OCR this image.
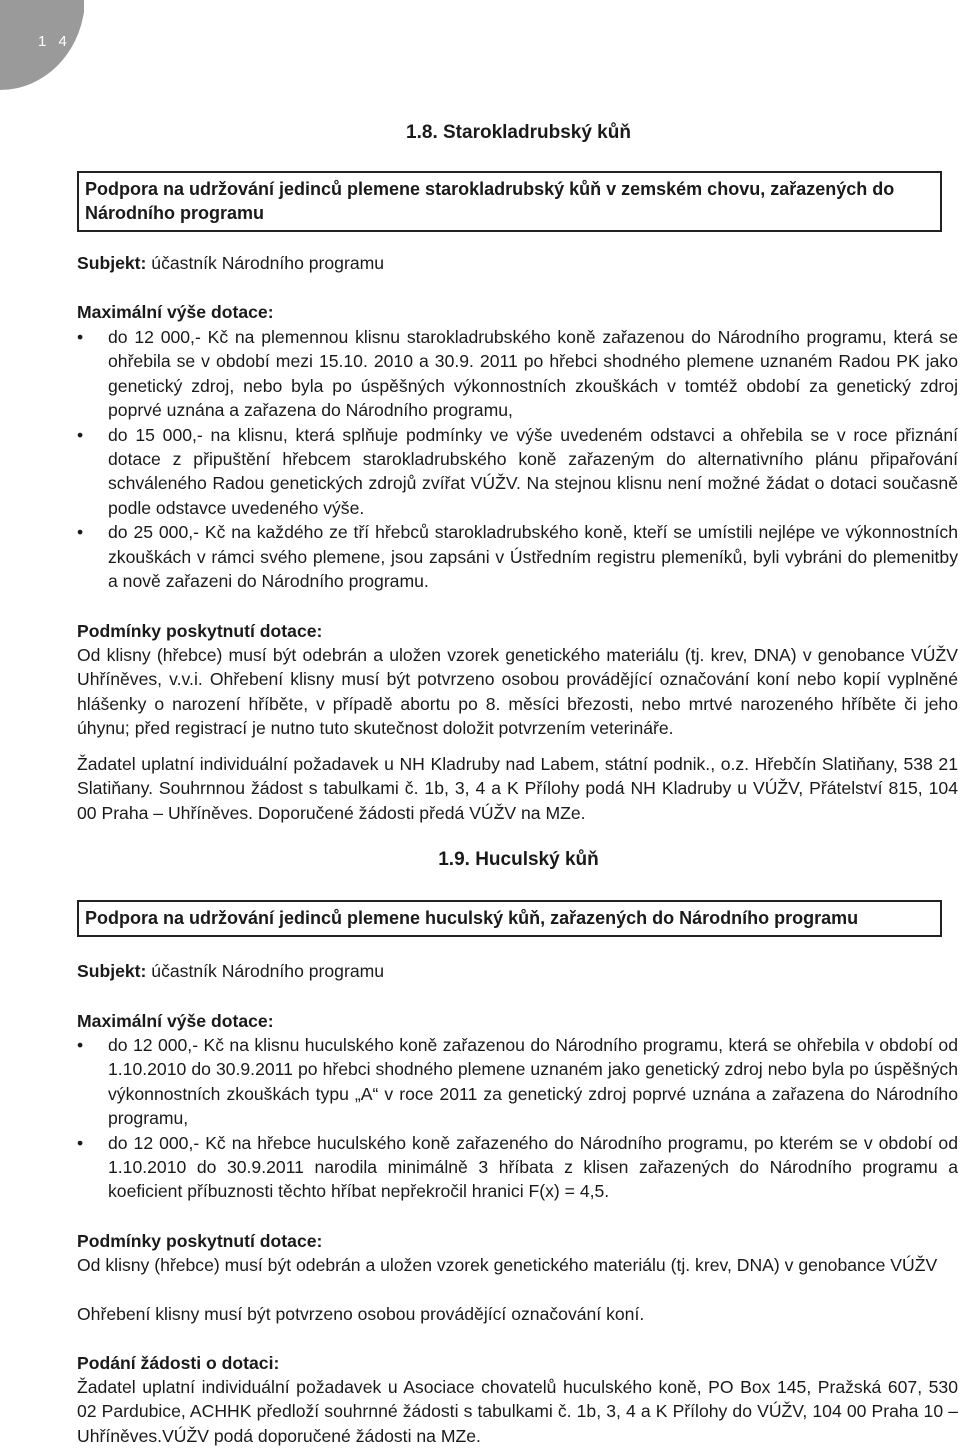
1 4
1.8. Starokladrubský kůň
Podpora na udržování jedinců plemene starokladrubský kůň v zemském chovu, zařazených do Národního programu

Subjekt: účastník Národního programu

Maximální výše dotace:

• do 12 000,- Kč na plemennou klisnu starokladrubského koně zařazenou do Národního programu, která se ohřebila se v období mezi 15.10. 2010 a 30.9. 2011 po hřebci shodného plemene uznaném Radou PK jako genetický zdroj, nebo byla po úspěšných výkonnostních zkouškách v tomtéž období za genetický zdroj poprvé uznána a zařazena do Národního programu,
• do 15 000,- na klisnu, která splňuje podmínky ve výše uvedeném odstavci a ohřebila se v roce přiznání dotace z připuštění hřebcem starokladrubského koně zařazeným do alternativního plánu připařování schváleného Radou genetických zdrojů zvířat VÚŽV. Na stejnou klisnu není možné žádat o dotaci současně podle odstavce uvedeného výše.
• do 25 000,- Kč na každého ze tří hřebců starokladrubského koně, kteří se umístili nejlépe ve výkonnostních zkouškách v rámci svého plemene, jsou zapsáni v Ústředním registru plemeníků, byli vybráni do plemenitby a nově zařazeni do Národního programu.

Podmínky poskytnutí dotace:

Od klisny (hřebce) musí být odebrán a uložen vzorek genetického materiálu (tj. krev, DNA) v genobance VÚŽV Uhříněves, v.v.i. Ohřebení klisny musí být potvrzeno osobou provádějící označování koní nebo kopií vyplněné hlášenky o narození hříběte, v případě abortu po 8. měsíci březosti, nebo mrtvé narozeného hříběte či jeho úhynu; před registrací je nutno tuto skutečnost doložit potvrzením veterináře.

Žadatel uplatní individuální požadavek u NH Kladruby nad Labem, státní podnik., o.z. Hřebčín Slatiňany, 538 21 Slatiňany. Souhrnnou žádost s tabulkami č. 1b, 3, 4 a K Přílohy podá NH Kladruby u VÚŽV, Přátelství 815, 104 00 Praha – Uhříněves. Doporučené žádosti předá VÚŽV na MZe.

1.9. Huculský kůň
Podpora na udržování jedinců plemene huculský kůň, zařazených do Národního programu

Subjekt: účastník Národního programu

Maximální výše dotace:

• do 12 000,- Kč na klisnu huculského koně zařazenou do Národního programu, která se ohřebila v období od 1.10.2010 do 30.9.2011 po hřebci shodného plemene uznaném jako genetický zdroj nebo byla po úspěšných výkonnostních zkouškách typu „A“ v roce 2011 za genetický zdroj poprvé uznána a zařazena do Národního programu,
• do 12 000,- Kč na hřebce huculského koně zařazeného do Národního programu, po kterém se v období od 1.10.2010 do 30.9.2011 narodila minimálně 3 hříbata z klisen zařazených do Národního programu a koeficient příbuznosti těchto hříbat nepřekročil hranici F(x) = 4,5.

Podmínky poskytnutí dotace:

Od klisny (hřebce) musí být odebrán a uložen vzorek genetického materiálu (tj. krev, DNA) v genobance VÚŽV

Ohřebení klisny musí být potvrzeno osobou provádějící označování koní.

Podání žádosti o dotaci:

Žadatel uplatní individuální požadavek u Asociace chovatelů huculského koně, PO Box 145, Pražská 607, 530 02 Pardubice, ACHHK předloží souhrnné žádosti s tabulkami č. 1b, 3, 4 a K Přílohy do VÚŽV, 104 00 Praha 10 – Uhříněves.VÚŽV podá doporučené žádosti na MZe.
